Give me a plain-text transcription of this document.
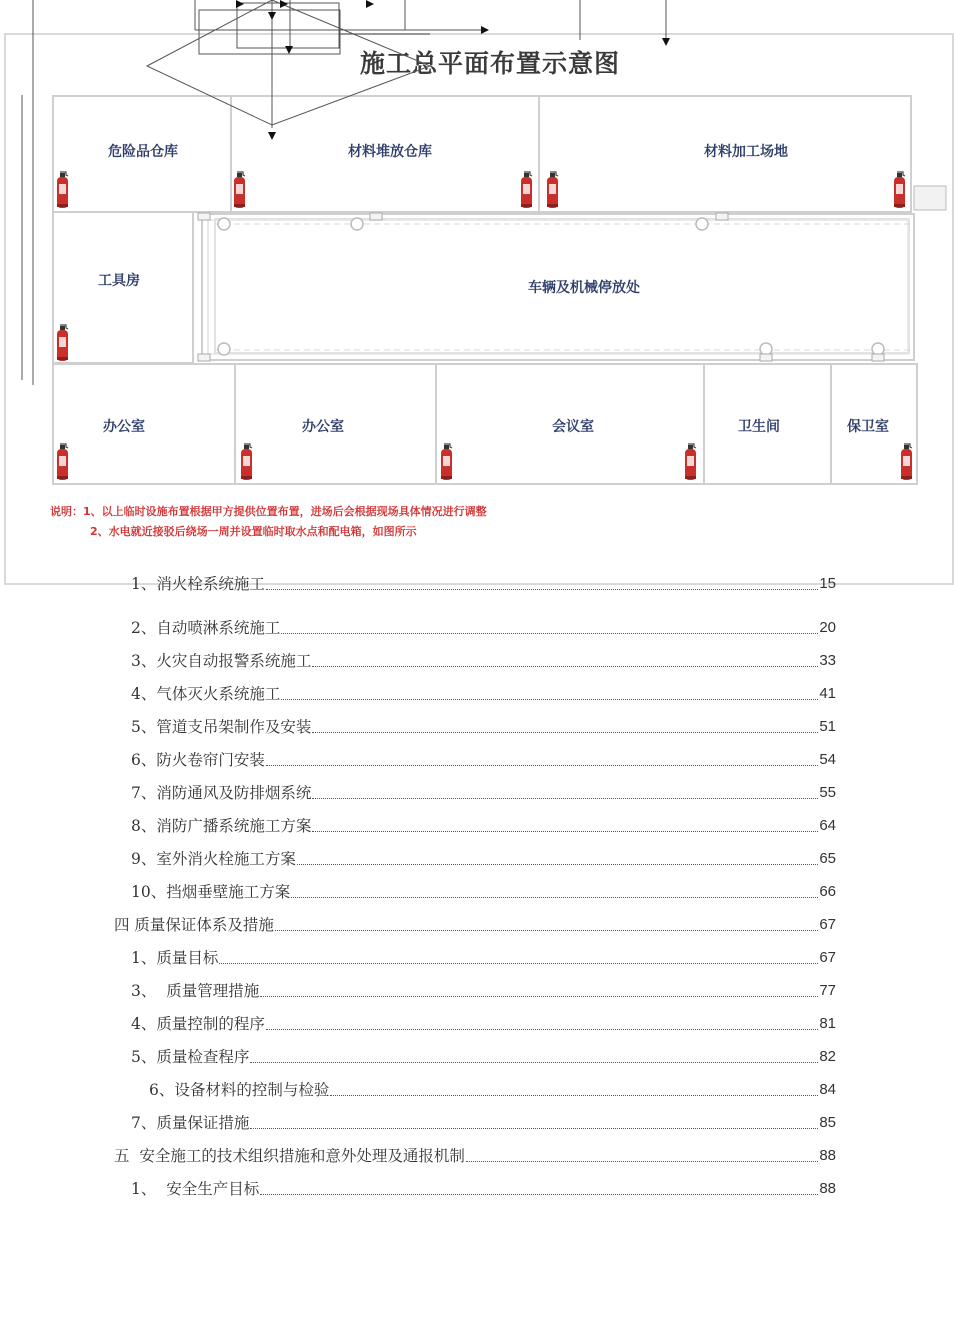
施工总平面布置示意图
危险品仓库	材料堆放仓库	材料加工场地
工具房	车辆及机械停放处
办公室	办公室	会议室	卫生间	保卫室
说明：1、以上临时设施布置根据甲方提供位置布置，进场后会根据现场具体情况进行调整
2、水电就近接驳后绕场一周并设置临时取水点和配电箱，如图所示
1、消火栓系统施工	15
2、自动喷淋系统施工	20
3、火灾自动报警系统施工	33
4、气体灭火系统施工	41
5、管道支吊架制作及安装	51
6、防火卷帘门安装	54
7、消防通风及防排烟系统	55
8、消防广播系统施工方案	64
9、室外消火栓施工方案	65
10、挡烟垂壁施工方案	66
四 质量保证体系及措施	67
1、质量目标	67
3、  质量管理措施	77
4、质量控制的程序	81
5、质量检查程序	82
6、设备材料的控制与检验	84
7、质量保证措施	85
五  安全施工的技术组织措施和意外处理及通报机制	88
1、  安全生产目标	88
